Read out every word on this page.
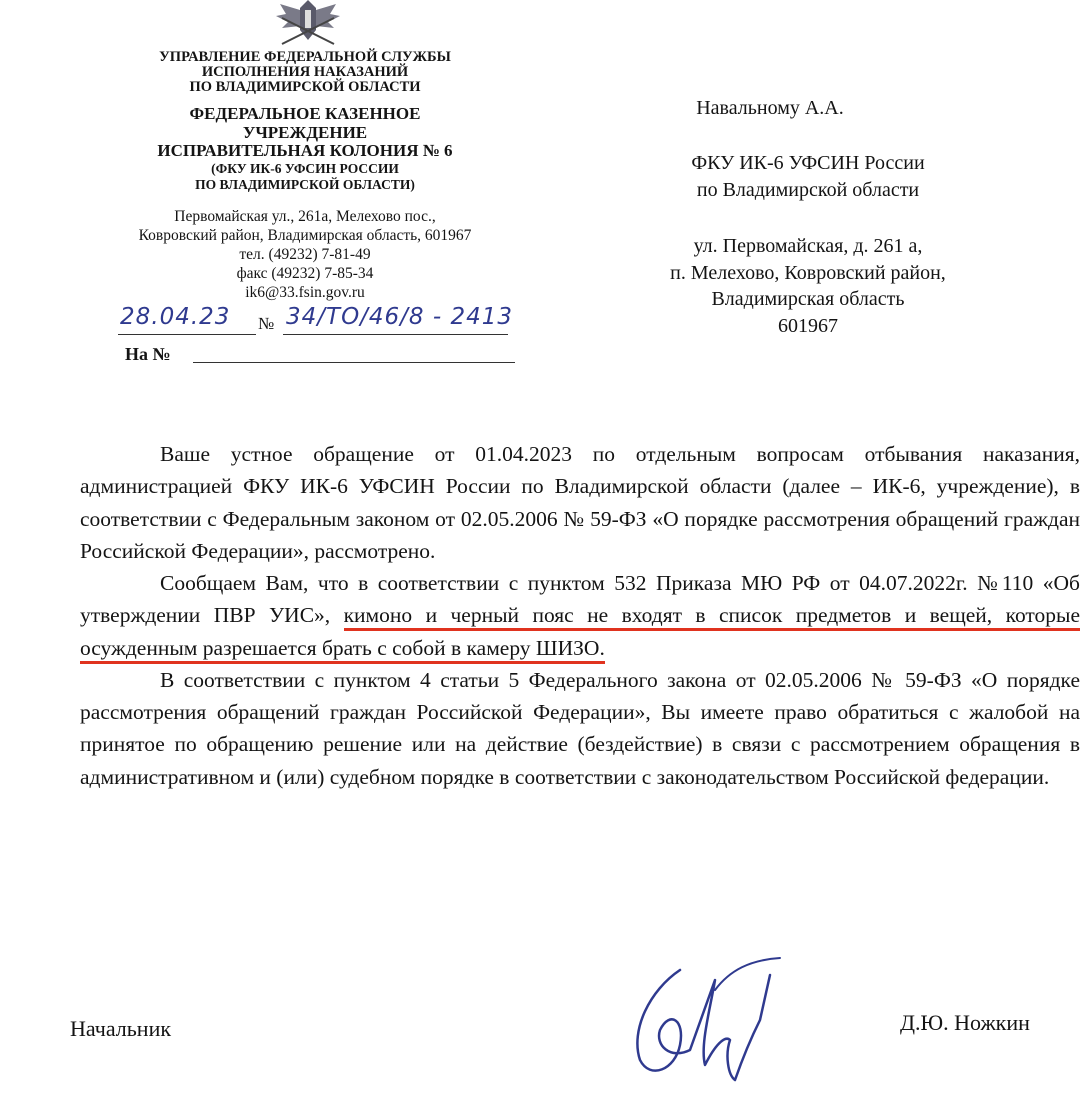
УПРАВЛЕНИЕ ФЕДЕРАЛЬНОЙ СЛУЖБЫ
ИСПОЛНЕНИЯ НАКАЗАНИЙ
ПО ВЛАДИМИРСКОЙ ОБЛАСТИ
ФЕДЕРАЛЬНОЕ КАЗЕННОЕ
УЧРЕЖДЕНИЕ
ИСПРАВИТЕЛЬНАЯ КОЛОНИЯ № 6
(ФКУ ИК-6 УФСИН РОССИИ
ПО ВЛАДИМИРСКОЙ ОБЛАСТИ)
Первомайская ул., 261а, Мелехово пос.,
Ковровский район, Владимирская область, 601967
тел. (49232) 7-81-49
факс (49232) 7-85-34
ik6@33.fsin.gov.ru
28.04.23 № 34/ТО/46/8 - 2413
На №
Навальному А.А.
ФКУ ИК-6 УФСИН России
по Владимирской области
ул. Первомайская, д. 261 а,
п. Мелехово, Ковровский район,
Владимирская область
601967

Ваше устное обращение от 01.04.2023 по отдельным вопросам отбывания наказания, администрацией ФКУ ИК-6 УФСИН России по Владимирской области (далее – ИК-6, учреждение), в соответствии с Федеральным законом от 02.05.2006 № 59-ФЗ «О порядке рассмотрения обращений граждан Российской Федерации», рассмотрено.

Сообщаем Вам, что в соответствии с пунктом 532 Приказа МЮ РФ от 04.07.2022г. №110 «Об утверждении ПВР УИС», кимоно и черный пояс не входят в список предметов и вещей, которые осужденным разрешается брать с собой в камеру ШИЗО.

В соответствии с пунктом 4 статьи 5 Федерального закона от 02.05.2006 № 59-ФЗ «О порядке рассмотрения обращений граждан Российской Федерации», Вы имеете право обратиться с жалобой на принятое по обращению решение или на действие (бездействие) в связи с рассмотрением обращения в административном и (или) судебном порядке в соответствии с законодательством Российской федерации.

Начальник	Д.Ю. Ножкин
